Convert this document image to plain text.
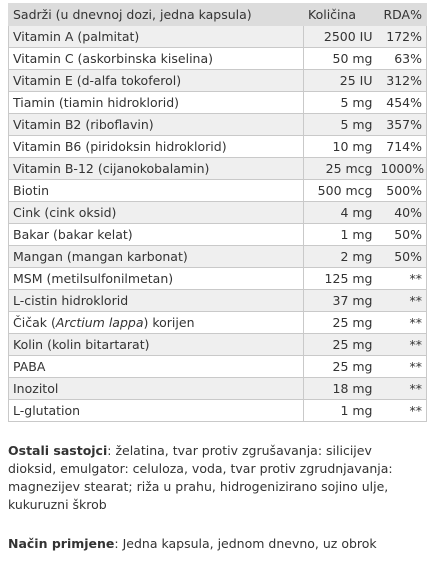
Sadrži (u dnevnoj dozi, jedna kapsula)	Količina	RDA%
Vitamin A (palmitat)	2500 IU	172%
Vitamin C (askorbinska kiselina)	50 mg	63%
Vitamin E (d-alfa tokoferol)	25 IU	312%
Tiamin (tiamin hidroklorid)	5 mg	454%
Vitamin B2 (riboflavin)	5 mg	357%
Vitamin B6 (piridoksin hidroklorid)	10 mg	714%
Vitamin B-12 (cijanokobalamin)	25 mcg	1000%
Biotin	500 mcg	500%
Cink (cink oksid)	4 mg	40%
Bakar (bakar kelat)	1 mg	50%
Mangan (mangan karbonat)	2 mg	50%
MSM (metilsulfonilmetan)	125 mg	**
L-cistin hidroklorid	37 mg	**
Čičak (Arctium lappa) korijen	25 mg	**
Kolin (kolin bitartarat)	25 mg	**
PABA	25 mg	**
Inozitol	18 mg	**
L-glutation	1 mg	**
Ostali sastojci: želatina, tvar protiv zgrušavanja: silicijev dioksid, emulgator: celuloza, voda, tvar protiv zgrudnjavanja: magnezijev stearat; riža u prahu, hidrogenizirano sojino ulje, kukuruzni škrob
Način primjene: Jedna kapsula, jednom dnevno, uz obrok
